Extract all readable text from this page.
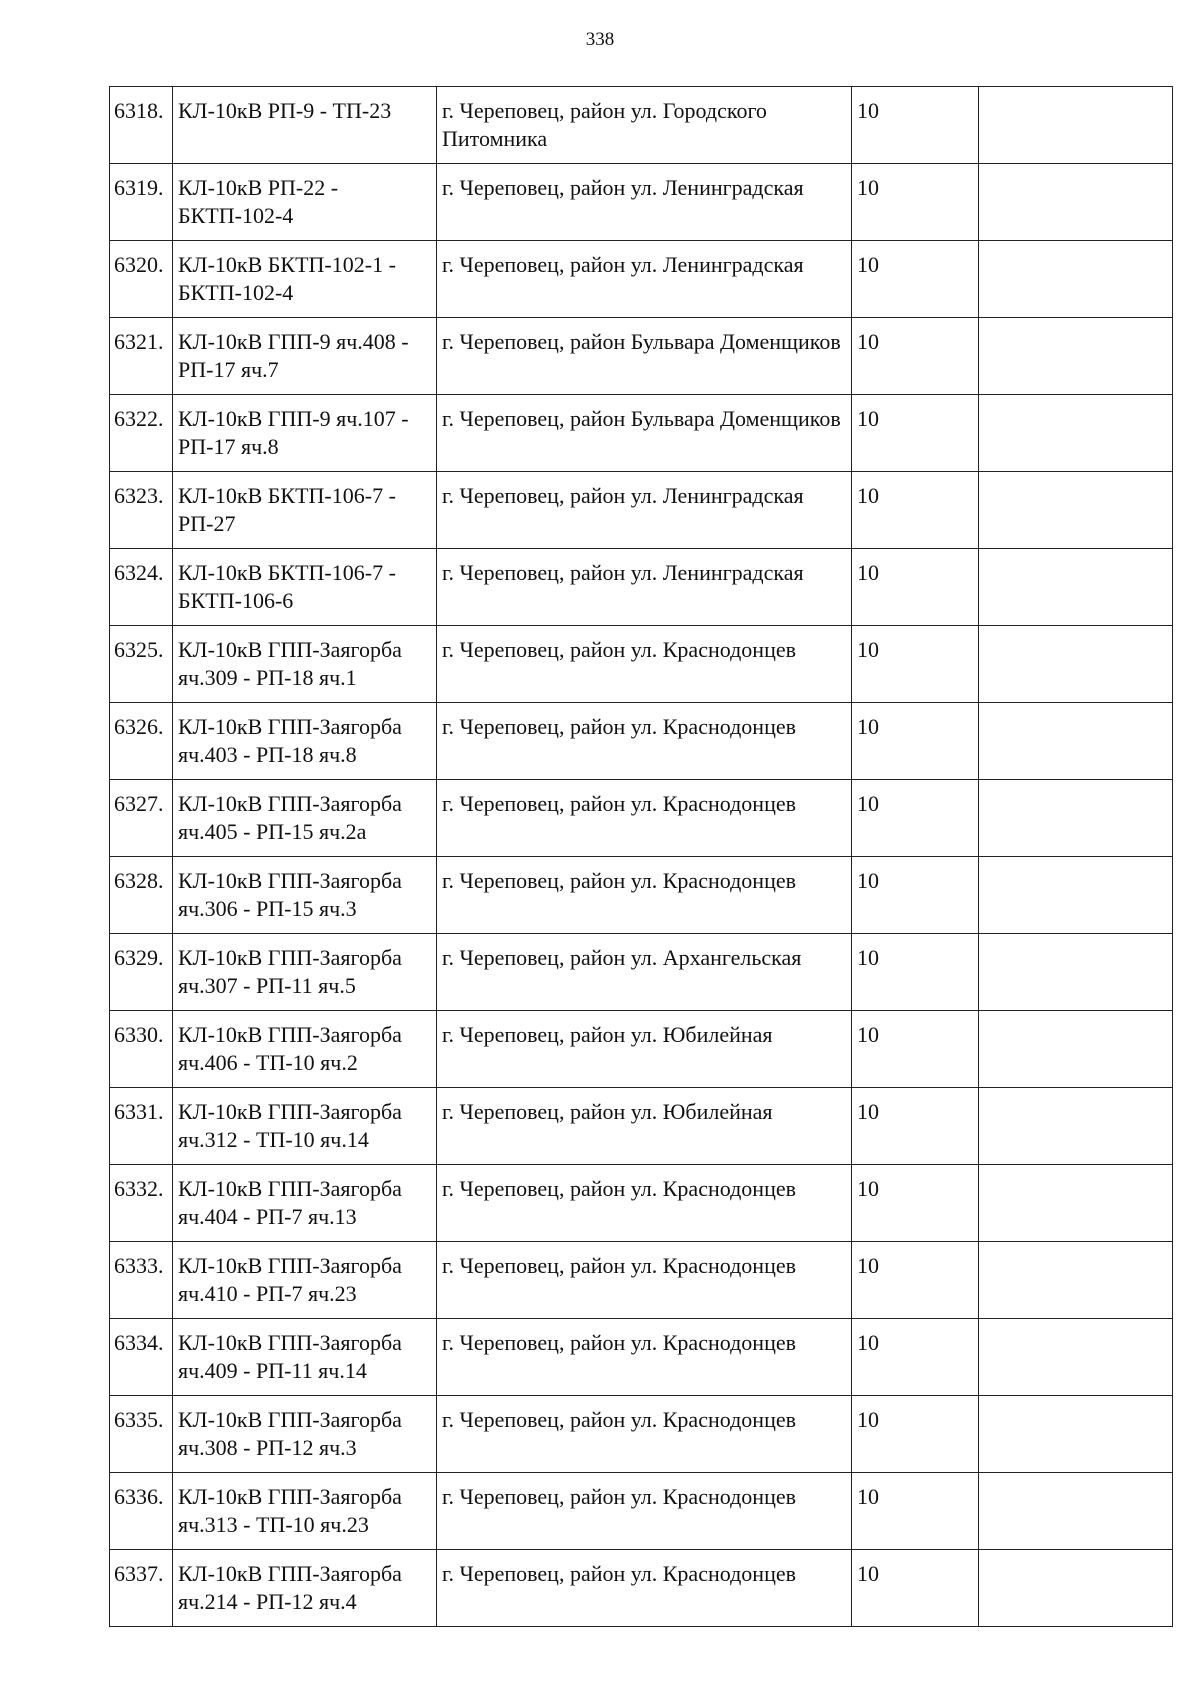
338
6318.	КЛ-10кВ РП-9 - ТП-23	г. Череповец, район ул. Городского Питомника	10	
6319.	КЛ-10кВ РП-22 - БКТП-102-4	г. Череповец, район ул. Ленинградская	10	
6320.	КЛ-10кВ БКТП-102-1 - БКТП-102-4	г. Череповец, район ул. Ленинградская	10	
6321.	КЛ-10кВ ГПП-9 яч.408 - РП-17 яч.7	г. Череповец, район Бульвара Доменщиков	10	
6322.	КЛ-10кВ ГПП-9 яч.107 - РП-17 яч.8	г. Череповец, район Бульвара Доменщиков	10	
6323.	КЛ-10кВ БКТП-106-7 - РП-27	г. Череповец, район ул. Ленинградская	10	
6324.	КЛ-10кВ БКТП-106-7 - БКТП-106-6	г. Череповец, район ул. Ленинградская	10	
6325.	КЛ-10кВ ГПП-Заягорба яч.309 - РП-18 яч.1	г. Череповец, район ул. Краснодонцев	10	
6326.	КЛ-10кВ ГПП-Заягорба яч.403 - РП-18 яч.8	г. Череповец, район ул. Краснодонцев	10	
6327.	КЛ-10кВ ГПП-Заягорба яч.405 - РП-15 яч.2а	г. Череповец, район ул. Краснодонцев	10	
6328.	КЛ-10кВ ГПП-Заягорба яч.306 - РП-15 яч.3	г. Череповец, район ул. Краснодонцев	10	
6329.	КЛ-10кВ ГПП-Заягорба яч.307 - РП-11 яч.5	г. Череповец, район ул. Архангельская	10	
6330.	КЛ-10кВ ГПП-Заягорба яч.406 - ТП-10 яч.2	г. Череповец, район ул. Юбилейная	10	
6331.	КЛ-10кВ ГПП-Заягорба яч.312 - ТП-10 яч.14	г. Череповец, район ул. Юбилейная	10	
6332.	КЛ-10кВ ГПП-Заягорба яч.404 - РП-7 яч.13	г. Череповец, район ул. Краснодонцев	10	
6333.	КЛ-10кВ ГПП-Заягорба яч.410 - РП-7 яч.23	г. Череповец, район ул. Краснодонцев	10	
6334.	КЛ-10кВ ГПП-Заягорба яч.409 - РП-11 яч.14	г. Череповец, район ул. Краснодонцев	10	
6335.	КЛ-10кВ ГПП-Заягорба яч.308 - РП-12 яч.3	г. Череповец, район ул. Краснодонцев	10	
6336.	КЛ-10кВ ГПП-Заягорба яч.313 - ТП-10 яч.23	г. Череповец, район ул. Краснодонцев	10	
6337.	КЛ-10кВ ГПП-Заягорба яч.214 - РП-12 яч.4	г. Череповец, район ул. Краснодонцев	10	
